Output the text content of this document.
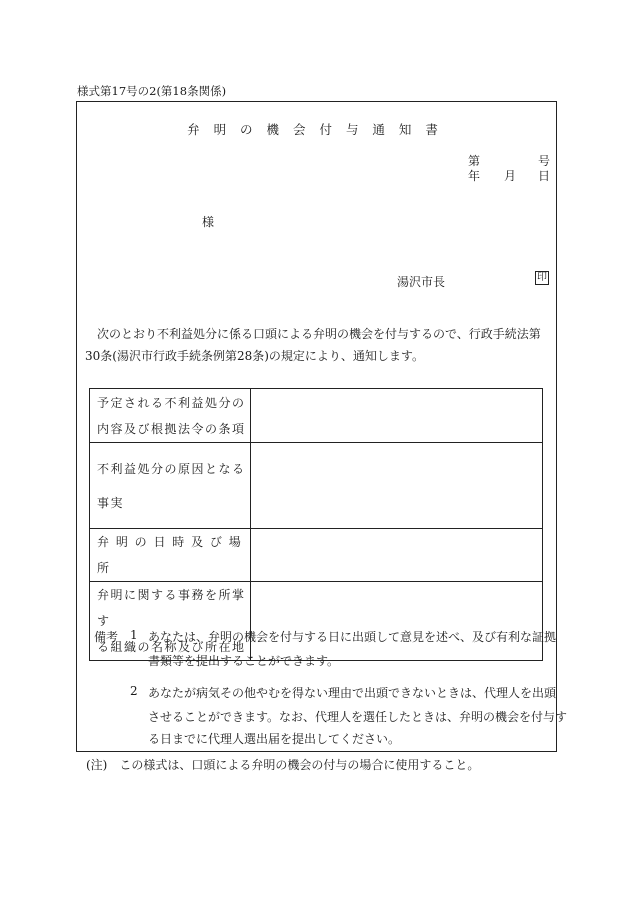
様式第17号の2(第18条関係)
弁 明 の 機 会 付 与 通 知 書
第	号
年 月 日
様
湯沢市長	印
次のとおり不利益処分に係る口頭による弁明の機会を付与するので、行政手続法第30条(湯沢市行政手続条例第28条)の規定により、通知します。
予定される不利益処分の
内容及び根拠法令の条項	

不利益処分の原因となる
事実	

弁 明 の 日 時 及 び 場 所	

弁明に関する事務を所掌す
る組織の名称及び所在地	

備考 1 あなたは、弁明の機会を付与する日に出頭して意見を述べ、及び有利な証拠
書類等を提出することができます。
2 あなたが病気その他やむを得ない理由で出頭できないときは、代理人を出頭
させることができます。なお、代理人を選任したときは、弁明の機会を付与す
る日までに代理人選出届を提出してください。
(注)　この様式は、口頭による弁明の機会の付与の場合に使用すること。
